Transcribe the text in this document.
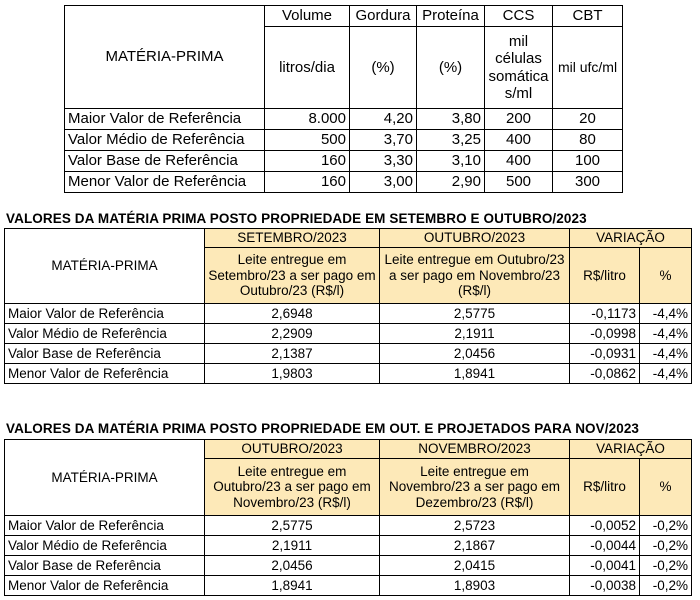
MATÉRIA-PRIMA	Volume	Gordura	Proteína	CCS	CBT
	litros/dia	(%)	(%)	mil células somática s/ml	mil ufc/ml
Maior Valor de Referência	8.000	4,20	3,80	200	20
Valor Médio de Referência	500	3,70	3,25	400	80
Valor Base de Referência	160	3,30	3,10	400	100
Menor Valor de Referência	160	3,00	2,90	500	300
VALORES DA MATÉRIA PRIMA POSTO PROPRIEDADE EM SETEMBRO E OUTUBRO/2023
MATÉRIA-PRIMA	SETEMBRO/2023	OUTUBRO/2023	VARIAÇÃO	
	Leite entregue em Setembro/23 a ser pago em Outubro/23 (R$/l)	Leite entregue em Outubro/23 a ser pago em Novembro/23 (R$/l)	R$/litro	%
Maior Valor de Referência	2,6948	2,5775	-0,1173	-4,4%
Valor Médio de Referência	2,2909	2,1911	-0,0998	-4,4%
Valor Base de Referência	2,1387	2,0456	-0,0931	-4,4%
Menor Valor de Referência	1,9803	1,8941	-0,0862	-4,4%
VALORES DA MATÉRIA PRIMA POSTO PROPRIEDADE EM OUT. E PROJETADOS PARA NOV/2023
MATÉRIA-PRIMA	OUTUBRO/2023	NOVEMBRO/2023	VARIAÇÃO	
	Leite entregue em Outubro/23 a ser pago em Novembro/23 (R$/l)	Leite entregue em Novembro/23 a ser pago em Dezembro/23 (R$/l)	R$/litro	%
Maior Valor de Referência	2,5775	2,5723	-0,0052	-0,2%
Valor Médio de Referência	2,1911	2,1867	-0,0044	-0,2%
Valor Base de Referência	2,0456	2,0415	-0,0041	-0,2%
Menor Valor de Referência	1,8941	1,8903	-0,0038	-0,2%
